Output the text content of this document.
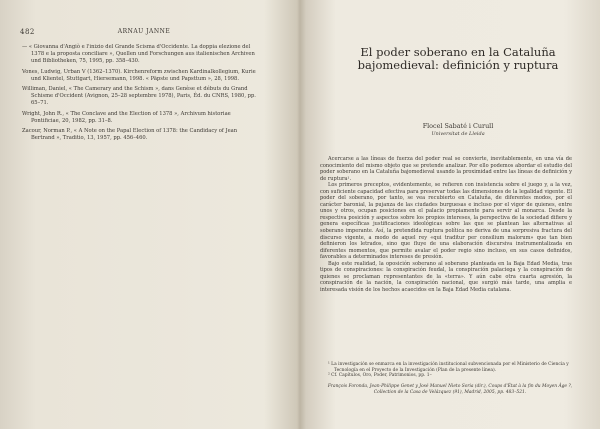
482	ARNAU JANNE
— « Giovanna d'Angiò e l'inizio del Grande Scisma d'Occidente. La doppia elezione del 1378 e la proposta conciliare », Quellen und Forschungen aus italienischen Archiven und Bibliotheken, 75, 1995, pp. 358–430.
Vones, Ludwig, Urban V (1362–1370). Kirchenreform zwischen Kardinalkollegium, Kurie und Klientel, Stuttgart, Hiersemann, 1998. « Päpste und Papsttum », 28, 1998.
Williman, Daniel, « The Camerary and the Schism », dans Genèse et débuts du Grand Schisme d'Occident (Avignon, 25–28 septembre 1978), Paris, Éd. du CNRS, 1980, pp. 65–71.
Wright, John R., « The Conclave and the Election of 1378 », Archivum historiae Pontificiae, 20, 1982, pp. 31–8.
Zacour, Norman P., « A Note on the Papal Election of 1378: the Candidacy of Jean Bertrand », Traditio, 13, 1957, pp. 456–460.
El poder soberano en la Cataluña
bajomedieval: definición y ruptura
Flocel Sabaté i Curull
Universitat de Lleida

Acercarse a las líneas de fuerza del poder real se convierte, inevitablemente, en una vía de conocimiento del mismo objeto que se pretende analizar. Por ello podemos abordar el estudio del poder soberano en la Cataluña bajomedieval usando la proximidad entre las líneas de definición y de ruptura¹.

Los primeros preceptos, evidentemente, se refieren con insistencia sobre el juego y, a la vez, con suficiente capacidad efectiva para preservar todas las dimensiones de la legalidad vigente. El poder del soberano, por tanto, se vea recubierto en Cataluña, de diferentes modos, por el carácter baronial, la pujanza de las ciudades burguesas e incluso por el vigor de quienes, entre unos y otros, ocupan posiciones en el palacio propiamente para servir al monarca. Desde la respectiva posición y aspectos sobre los propios intereses, la perspectiva de la sociedad difiere y genera específicas justificaciones ideológicas sobre las que se plantean las alternativas al soberano imperante. Así, la pretendida ruptura política no deriva de una sorpresiva fractura del discurso vigente, a modo de aquel rey «qui traditur per consilium malorum» que tan bien definieron los letrados, sino que fluye de una elaboración discursiva instrumentalizada en diferentes momentos, que permite avalar el poder regio sino incluso, en sus casos definidos, favorables a determinados intereses de presión.

Bajo este realidad, la oposición soberano al soberano planteada en la Baja Edad Media, tras tipos de conspiraciones: la conspiración feudal, la conspiración palaciega y la conspiración de quienes se proclaman representantes de la «terra». Y aún cabe otra cuarta agresión, la conspiración de la nación, la conspiración nacional, que surgió más tarde, una amplia e interesada visión de los hechos acaecidos en la Baja Edad Media catalana.

¹ La investigación se enmarca en la investigación institucional subvencionada por el Ministerio de Ciencia y Tecnología en el Proyecto de la Investigación (Plan de la presente línea).
² Cf. Capítulos, Oro, Poder, Patrimonios, pp. 1–
François Foronda, Jean-Philippe Genet y José Manuel Nieto Soria (dir.), Coups d'État à la fin du Moyen Âge ?, Collection de la Casa de Velázquez (91), Madrid, 2005, pp. 483–521.
